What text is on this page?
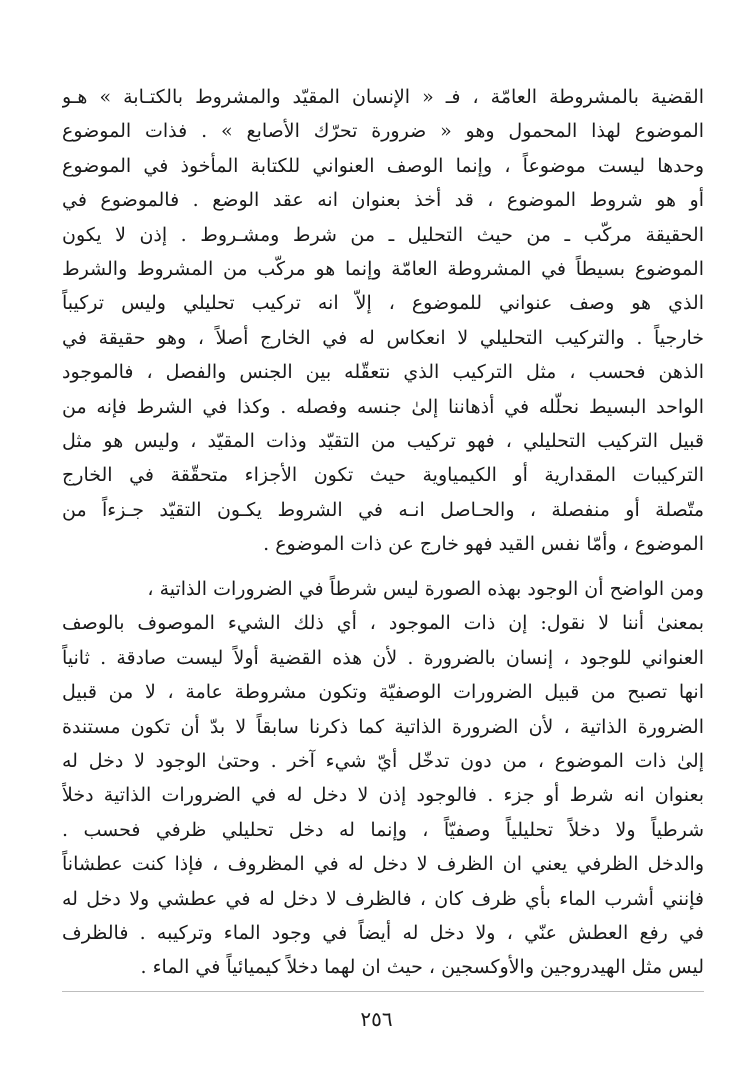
القضية بالمشروطة العامّة ، فـ « الإنسان المقيّد والمشروط بالكتـابة » هـو
الموضوع لهذا المحمول وهو « ضرورة تحرّك الأصابع » . فذات الموضوع
وحدها ليست موضوعاً ، وإنما الوصف العنواني للكتابة المأخوذ في الموضوع
أو هو شروط الموضوع ، قد أخذ بعنوان انه عقد الوضع . فالموضوع في
الحقيقة مركّب ـ من حيث التحليل ـ من شرط ومشـروط . إذن لا يكون
الموضوع بسيطاً في المشروطة العامّة وإنما هو مركّب من المشروط والشرط
الذي هو وصف عنواني للموضوع ، إلاّ انه تركيب تحليلي وليس تركيباً
خارجياً . والتركيب التحليلي لا انعكاس له في الخارج أصلاً ، وهو حقيقة في
الذهن فحسب ، مثل التركيب الذي نتعقّله بين الجنس والفصل ، فالموجود
الواحد البسيط نحلّله في أذهاننا إلىٰ جنسه وفصله . وكذا في الشرط فإنه من
قبيل التركيب التحليلي ، فهو تركيب من التقيّد وذات المقيّد ، وليس هو مثل
التركيبات المقدارية أو الكيمياوية حيث تكون الأجزاء متحقّقة في الخارج
متّصلة أو منفصلة ، والحـاصل انـه في الشروط يكـون التقيّد جـزءاً من
الموضوع ، وأمّا نفس القيد فهو خارج عن ذات الموضوع .
ومن الواضح أن الوجود بهذه الصورة ليس شرطاً في الضرورات الذاتية ،
بمعنىٰ أننا لا نقول: إن ذات الموجود ، أي ذلك الشيء الموصوف بالوصف
العنواني للوجود ، إنسان بالضرورة . لأن هذه القضية أولاً ليست صادقة . ثانياً
انها تصبح من قبيل الضرورات الوصفيّة وتكون مشروطة عامة ، لا من قبيل
الضرورة الذاتية ، لأن الضرورة الذاتية كما ذكرنا سابقاً لا بدّ أن تكون مستندة
إلىٰ ذات الموضوع ، من دون تدخّل أيّ شيء آخر . وحتىٰ الوجود لا دخل له
بعنوان انه شرط أو جزء . فالوجود إذن لا دخل له في الضرورات الذاتية دخلاً
شرطياً ولا دخلاً تحليلياً وصفيّاً ، وإنما له دخل تحليلي ظرفي فحسب .
والدخل الظرفي يعني ان الظرف لا دخل له في المظروف ، فإذا كنت عطشاناً
فإنني أشرب الماء بأي ظرف كان ، فالظرف لا دخل له في عطشي ولا دخل له
في رفع العطش عنّي ، ولا دخل له أيضاً في وجود الماء وتركيبه . فالظرف
ليس مثل الهيدروجين والأوكسجين ، حيث ان لهما دخلاً كيميائياً في الماء .
٢٥٦
